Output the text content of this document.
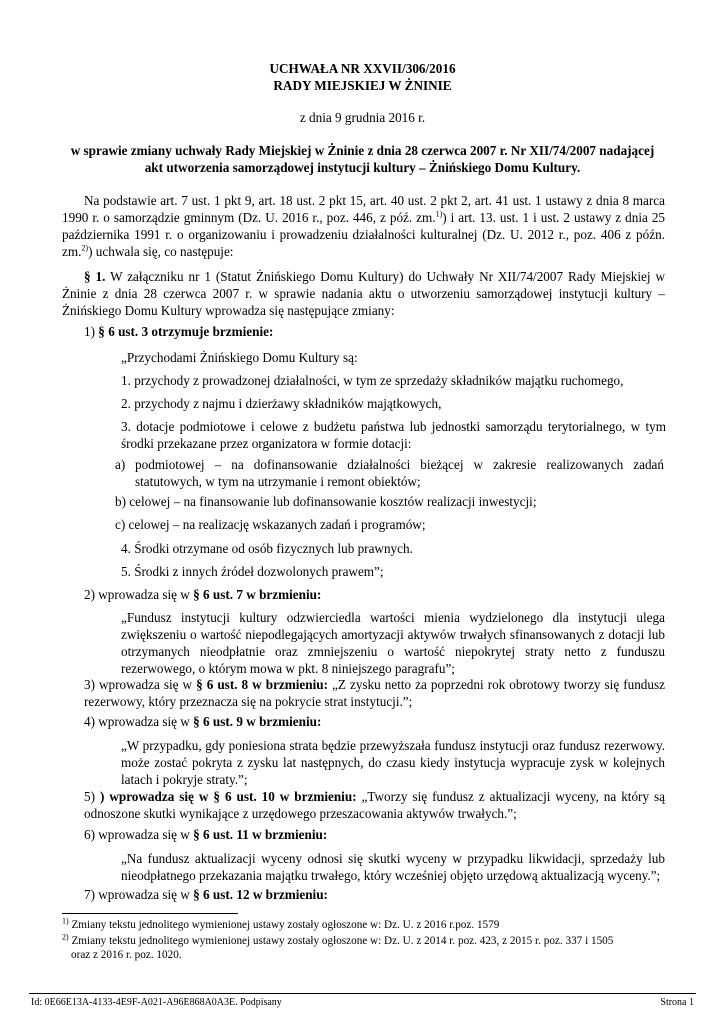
UCHWAŁA NR XXVII/306/2016
RADY MIEJSKIEJ W ŻNINIE
z dnia 9 grudnia 2016 r.
w sprawie zmiany uchwały Rady Miejskiej w Żninie z dnia 28 czerwca 2007 r. Nr XII/74/2007 nadającej
akt utworzenia samorządowej instytucji kultury – Żnińskiego Domu Kultury.
Na podstawie art. 7 ust. 1 pkt 9, art. 18 ust. 2 pkt 15, art. 40 ust. 2 pkt 2, art. 41 ust. 1 ustawy z dnia 8 marca 1990 r. o samorządzie gminnym (Dz. U. 2016 r., poz. 446, z póź. zm.$^{1)}$) i art. 13. ust. 1 i ust. 2 ustawy z dnia 25 października 1991 r. o organizowaniu i prowadzeniu działalności kulturalnej (Dz. U. 2012 r., poz. 406 z późn. zm.$^{2)}$) uchwala się, co następuje:
§ 1. W załączniku nr 1 (Statut Żnińskiego Domu Kultury) do Uchwały Nr XII/74/2007 Rady Miejskiej w Żninie z dnia 28 czerwca 2007 r. w sprawie nadania aktu o utworzeniu samorządowej instytucji kultury – Żnińskiego Domu Kultury wprowadza się następujące zmiany:
1) § 6 ust. 3 otrzymuje brzmienie:
„Przychodami Żnińskiego Domu Kultury są:
1. przychody z prowadzonej działalności, w tym ze sprzedaży składników majątku ruchomego,
2. przychody z najmu i dzierżawy składników majątkowych,
3. dotacje podmiotowe i celowe z budżetu państwa lub jednostki samorządu terytorialnego, w tym środki przekazane przez organizatora w formie dotacji:
a) podmiotowej – na dofinansowanie działalności bieżącej w zakresie realizowanych zadań statutowych, w tym na utrzymanie i remont obiektów;
b) celowej – na finansowanie lub dofinansowanie kosztów realizacji inwestycji;
c) celowej – na realizację wskazanych zadań i programów;
4. Środki otrzymane od osób fizycznych lub prawnych.
5. Środki z innych źródeł dozwolonych prawem”;
2) wprowadza się w § 6 ust. 7 w brzmieniu:
„Fundusz instytucji kultury odzwierciedla wartości mienia wydzielonego dla instytucji ulega zwiększeniu o wartość niepodlegających amortyzacji aktywów trwałych sfinansowanych z dotacji lub otrzymanych nieodpłatnie oraz zmniejszeniu o wartość niepokrytej straty netto z funduszu rezerwowego, o którym mowa w pkt. 8 niniejszego paragrafu”;
3) wprowadza się w § 6 ust. 8 w brzmieniu: „Z zysku netto za poprzedni rok obrotowy tworzy się fundusz rezerwowy, który przeznacza się na pokrycie strat instytucji.”;
4) wprowadza się w § 6 ust. 9 w brzmieniu:
„W przypadku, gdy poniesiona strata będzie przewyższała fundusz instytucji oraz fundusz rezerwowy. może zostać pokryta z zysku lat następnych, do czasu kiedy instytucja wypracuje zysk w kolejnych latach i pokryje straty.”;
5) ) wprowadza się w § 6 ust. 10 w brzmieniu: „Tworzy się fundusz z aktualizacji wyceny, na który są odnoszone skutki wynikające z urzędowego przeszacowania aktywów trwałych.”;
6) wprowadza się w § 6 ust. 11 w brzmieniu:
„Na fundusz aktualizacji wyceny odnosi się skutki wyceny w przypadku likwidacji, sprzedaży lub nieodpłatnego przekazania majątku trwałego, który wcześniej objęto urzędową aktualizacją wyceny.”;
7) wprowadza się w § 6 ust. 12 w brzmieniu:
$^{1)}$ Zmiany tekstu jednolitego wymienionej ustawy zostały ogłoszone w: Dz. U. z 2016 r.poz. 1579
$^{2)}$ Zmiany tekstu jednolitego wymienionej ustawy zostały ogłoszone w: Dz. U. z 2014 r. poz. 423, z 2015 r. poz. 337 i 1505
oraz z 2016 r. poz. 1020.
Id: 0E66E13A-4133-4E9F-A021-A96E868A0A3E. Podpisany	Strona 1
